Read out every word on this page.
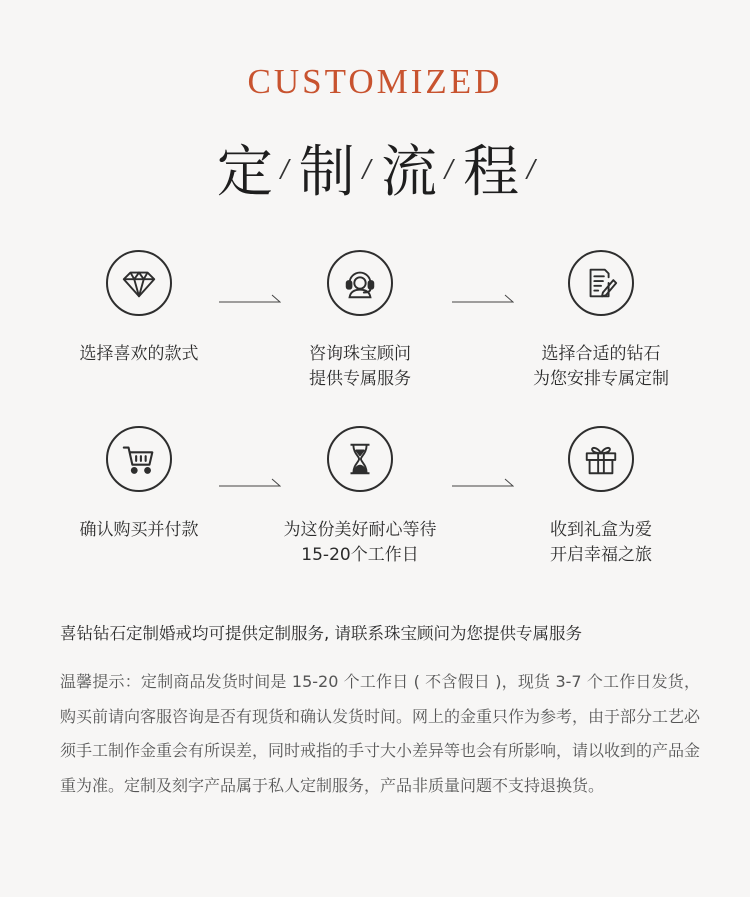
CUSTOMIZED
定 / 制 / 流 / 程 /
选择喜欢的款式	咨询珠宝顾问
提供专属服务
选择合适的钻石
为您安排专属定制
确认购买并付款	为这份美好耐心等待
15-20个工作日
收到礼盒为爱
开启幸福之旅
喜钻钻石定制婚戒均可提供定制服务, 请联系珠宝顾问为您提供专属服务
温馨提示：定制商品发货时间是 15-20 个工作日 ( 不含假日 )，现货 3-7 个工作日发货，购买前请向客服咨询是否有现货和确认发货时间。网上的金重只作为参考，由于部分工艺必须手工制作金重会有所误差，同时戒指的手寸大小差异等也会有所影响，请以收到的产品金重为准。定制及刻字产品属于私人定制服务，产品非质量问题不支持退换货。
